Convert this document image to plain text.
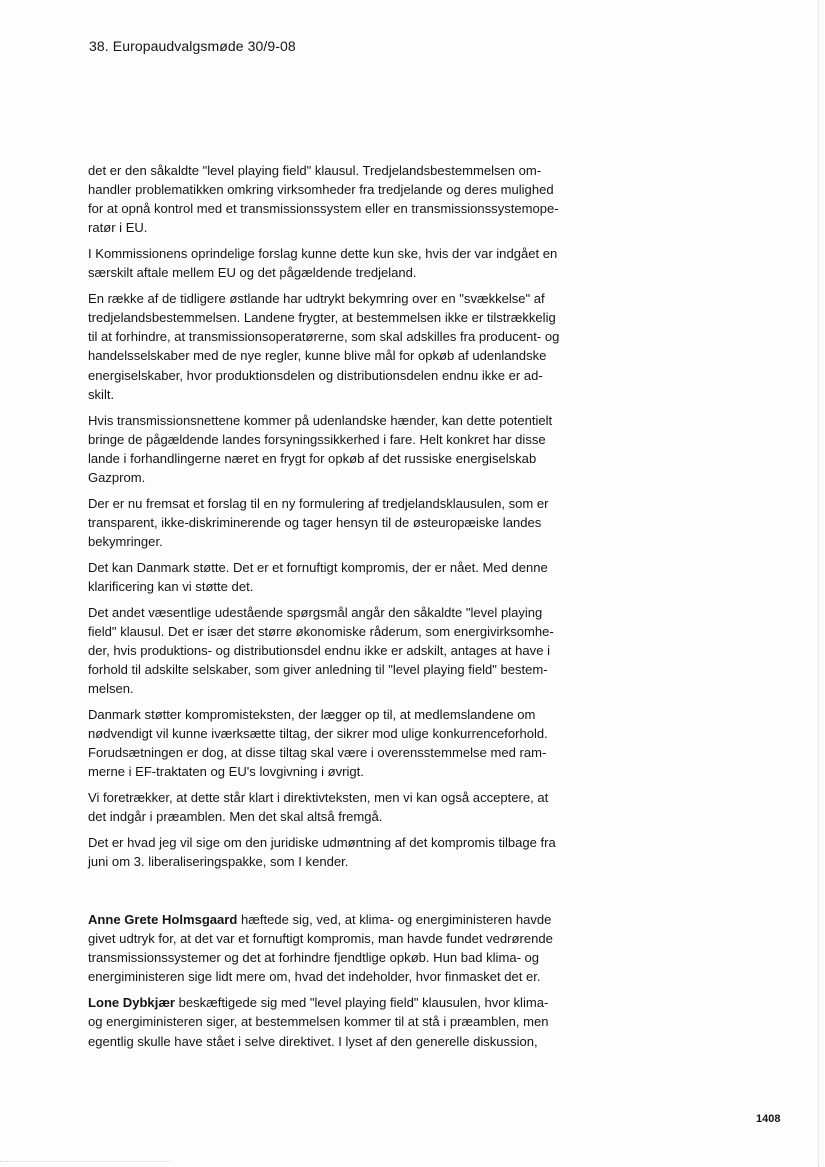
38. Europaudvalgsmøde 30/9-08
det er den såkaldte "level playing field" klausul. Tredjelandsbestemmelsen om-
handler problematikken omkring virksomheder fra tredjelande og deres mulighed
for at opnå kontrol med et transmissionssystem eller en transmissionssystemope-
ratør i EU.
I Kommissionens oprindelige forslag kunne dette kun ske, hvis der var indgået en
særskilt aftale mellem EU og det pågældende tredjeland.
En række af de tidligere østlande har udtrykt bekymring over en "svækkelse" af
tredjelandsbestemmelsen. Landene frygter, at bestemmelsen ikke er tilstrækkelig
til at forhindre, at transmissionsoperatørerne, som skal adskilles fra producent- og
handelsselskaber med de nye regler, kunne blive mål for opkøb af udenlandske
energiselskaber, hvor produktionsdelen og distributionsdelen endnu ikke er ad-
skilt.
Hvis transmissionsnettene kommer på udenlandske hænder, kan dette potentielt
bringe de pågældende landes forsyningssikkerhed i fare. Helt konkret har disse
lande i forhandlingerne næret en frygt for opkøb af det russiske energiselskab
Gazprom.
Der er nu fremsat et forslag til en ny formulering af tredjelandsklausulen, som er
transparent, ikke-diskriminerende og tager hensyn til de østeuropæiske landes
bekymringer.
Det kan Danmark støtte. Det er et fornuftigt kompromis, der er nået. Med denne
klarificering kan vi støtte det.
Det andet væsentlige udestående spørgsmål angår den såkaldte "level playing
field" klausul. Det er især det større økonomiske råderum, som energivirksomhe-
der, hvis produktions- og distributionsdel endnu ikke er adskilt, antages at have i
forhold til adskilte selskaber, som giver anledning til "level playing field" bestem-
melsen.
Danmark støtter kompromisteksten, der lægger op til, at medlemslandene om
nødvendigt vil kunne iværksætte tiltag, der sikrer mod ulige konkurrenceforhold.
Forudsætningen er dog, at disse tiltag skal være i overensstemmelse med ram-
merne i EF-traktaten og EU's lovgivning i øvrigt.
Vi foretrækker, at dette står klart i direktivteksten, men vi kan også acceptere, at
det indgår i præamblen. Men det skal altså fremgå.
Det er hvad jeg vil sige om den juridiske udmøntning af det kompromis tilbage fra
juni om 3. liberaliseringspakke, som I kender.
Anne Grete Holmsgaard hæftede sig, ved, at klima- og energiministeren havde
givet udtryk for, at det var et fornuftigt kompromis, man havde fundet vedrørende
transmissionssystemer og det at forhindre fjendtlige opkøb. Hun bad klima- og
energiministeren sige lidt mere om, hvad det indeholder, hvor finmasket det er.
Lone Dybkjær beskæftigede sig med "level playing field" klausulen, hvor klima-
og energiministeren siger, at bestemmelsen kommer til at stå i præamblen, men
egentlig skulle have stået i selve direktivet. I lyset af den generelle diskussion,
1408
